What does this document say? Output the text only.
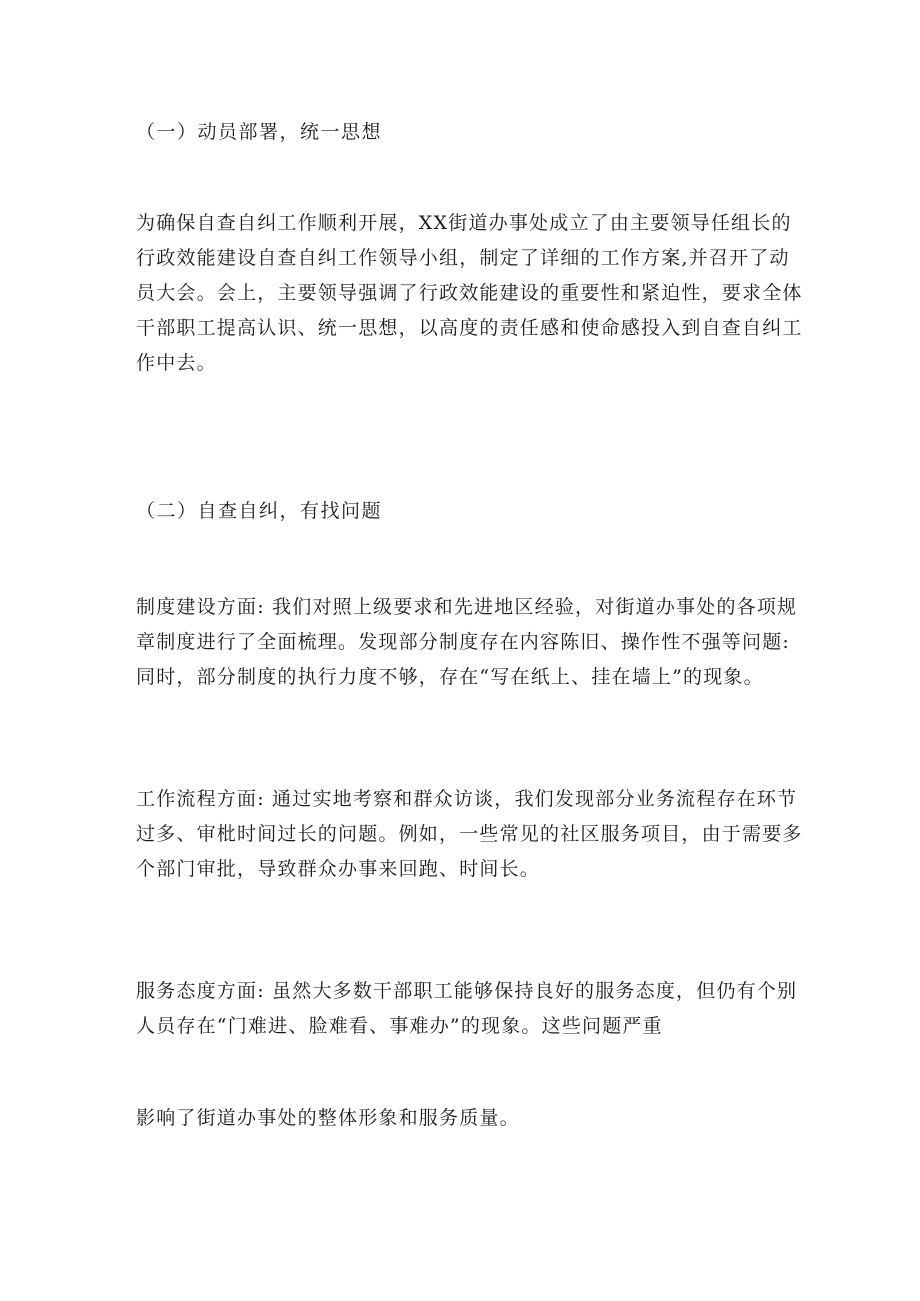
（一）动员部署，统一思想

为确保自查自纠工作顺利开展，XX街道办事处成立了由主要领导任组长的
行政效能建设自查自纠工作领导小组，制定了详细的工作方案,并召开了动
员大会。会上，主要领导强调了行政效能建设的重要性和紧迫性，要求全体
干部职工提高认识、统一思想，以高度的责任感和使命感投入到自查自纠工
作中去。

（二）自查自纠，有找问题

制度建设方面: 我们对照上级要求和先进地区经验，对街道办事处的各项规
章制度进行了全面梳理。发现部分制度存在内容陈旧、操作性不强等问题:
同时，部分制度的执行力度不够，存在“写在纸上、挂在墙上”的现象。

工作流程方面: 通过实地考察和群众访谈，我们发现部分业务流程存在环节
过多、审枇时间过长的问题。例如，一些常见的社区服务项目，由于需要多
个部门审批，导致群众办事来回跑、时间长。

服务态度方面: 虽然大多数干部职工能够保持良好的服务态度，但仍有个别
人员存在“门难进、脸难看、事难办”的现象。这些问题严重

影响了街道办事处的整体形象和服务质量。
